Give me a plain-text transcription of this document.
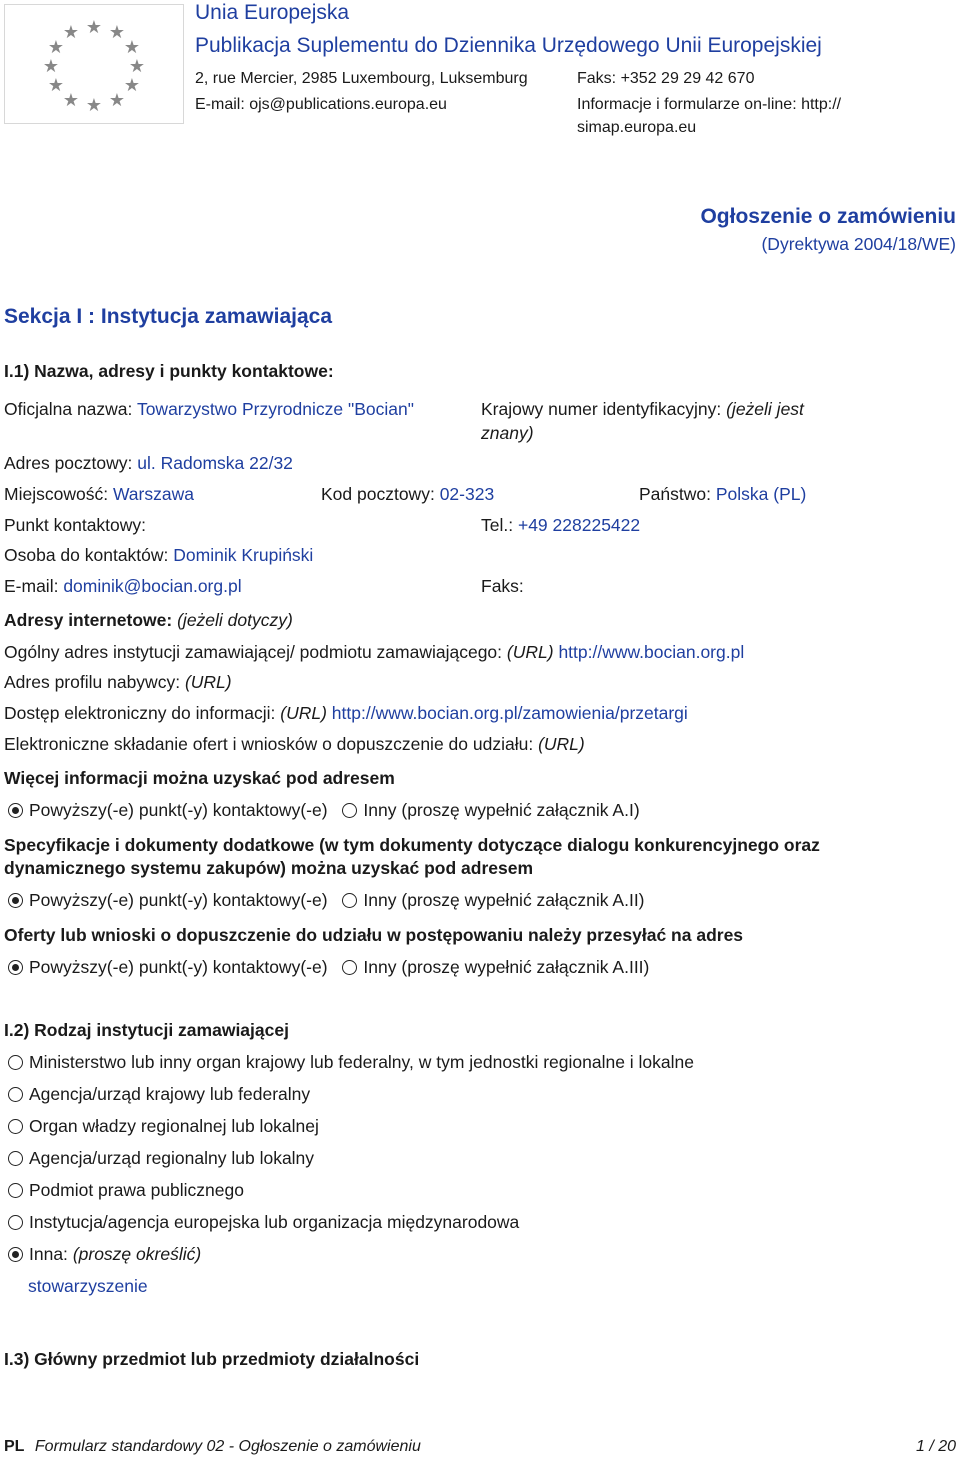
★ ★
★
★
★
★
★
★
★
★
★
★
Unia Europejska
Publikacja Suplementu do Dziennika Urzędowego Unii Europejskiej
2, rue Mercier, 2985 Luxembourg, Luksemburg	Faks: +352 29 29 42 670
E-mail: ojs@publications.europa.eu	Informacje i formularze on-line: http://
simap.europa.eu
Ogłoszenie o zamówieniu
(Dyrektywa 2004/18/WE)
Sekcja I : Instytucja zamawiająca
I.1) Nazwa, adresy i punkty kontaktowe:
Oficjalna nazwa: Towarzystwo Przyrodnicze "Bocian"	Krajowy numer identyfikacyjny: (jeżeli jest
znany)
Adres pocztowy: ul. Radomska 22/32
Miejscowość: Warszawa	Kod pocztowy: 02-323	Państwo: Polska (PL)
Punkt kontaktowy:	Tel.: +49 228225422
Osoba do kontaktów: Dominik Krupiński
E-mail: dominik@bocian.org.pl	Faks:
Adresy internetowe: (jeżeli dotyczy)
Ogólny adres instytucji zamawiającej/ podmiotu zamawiającego: (URL) http://www.bocian.org.pl
Adres profilu nabywcy: (URL)
Dostęp elektroniczny do informacji: (URL) http://www.bocian.org.pl/zamowienia/przetargi
Elektroniczne składanie ofert i wniosków o dopuszczenie do udziału: (URL)
Więcej informacji można uzyskać pod adresem
Powyższy(-e) punkt(-y) kontaktowy(-e) Inny (proszę wypełnić załącznik A.I)
Specyfikacje i dokumenty dodatkowe (w tym dokumenty dotyczące dialogu konkurencyjnego oraz
dynamicznego systemu zakupów) można uzyskać pod adresem
Powyższy(-e) punkt(-y) kontaktowy(-e) Inny (proszę wypełnić załącznik A.II)
Oferty lub wnioski o dopuszczenie do udziału w postępowaniu należy przesyłać na adres
Powyższy(-e) punkt(-y) kontaktowy(-e) Inny (proszę wypełnić załącznik A.III)
I.2) Rodzaj instytucji zamawiającej
Ministerstwo lub inny organ krajowy lub federalny, w tym jednostki regionalne i lokalne
Agencja/urząd krajowy lub federalny
Organ władzy regionalnej lub lokalnej
Agencja/urząd regionalny lub lokalny
Podmiot prawa publicznego
Instytucja/agencja europejska lub organizacja międzynarodowa
Inna: (proszę określić)
stowarzyszenie
I.3) Główny przedmiot lub przedmioty działalności
PL Formularz standardowy 02 - Ogłoszenie o zamówieniu	1 / 20
